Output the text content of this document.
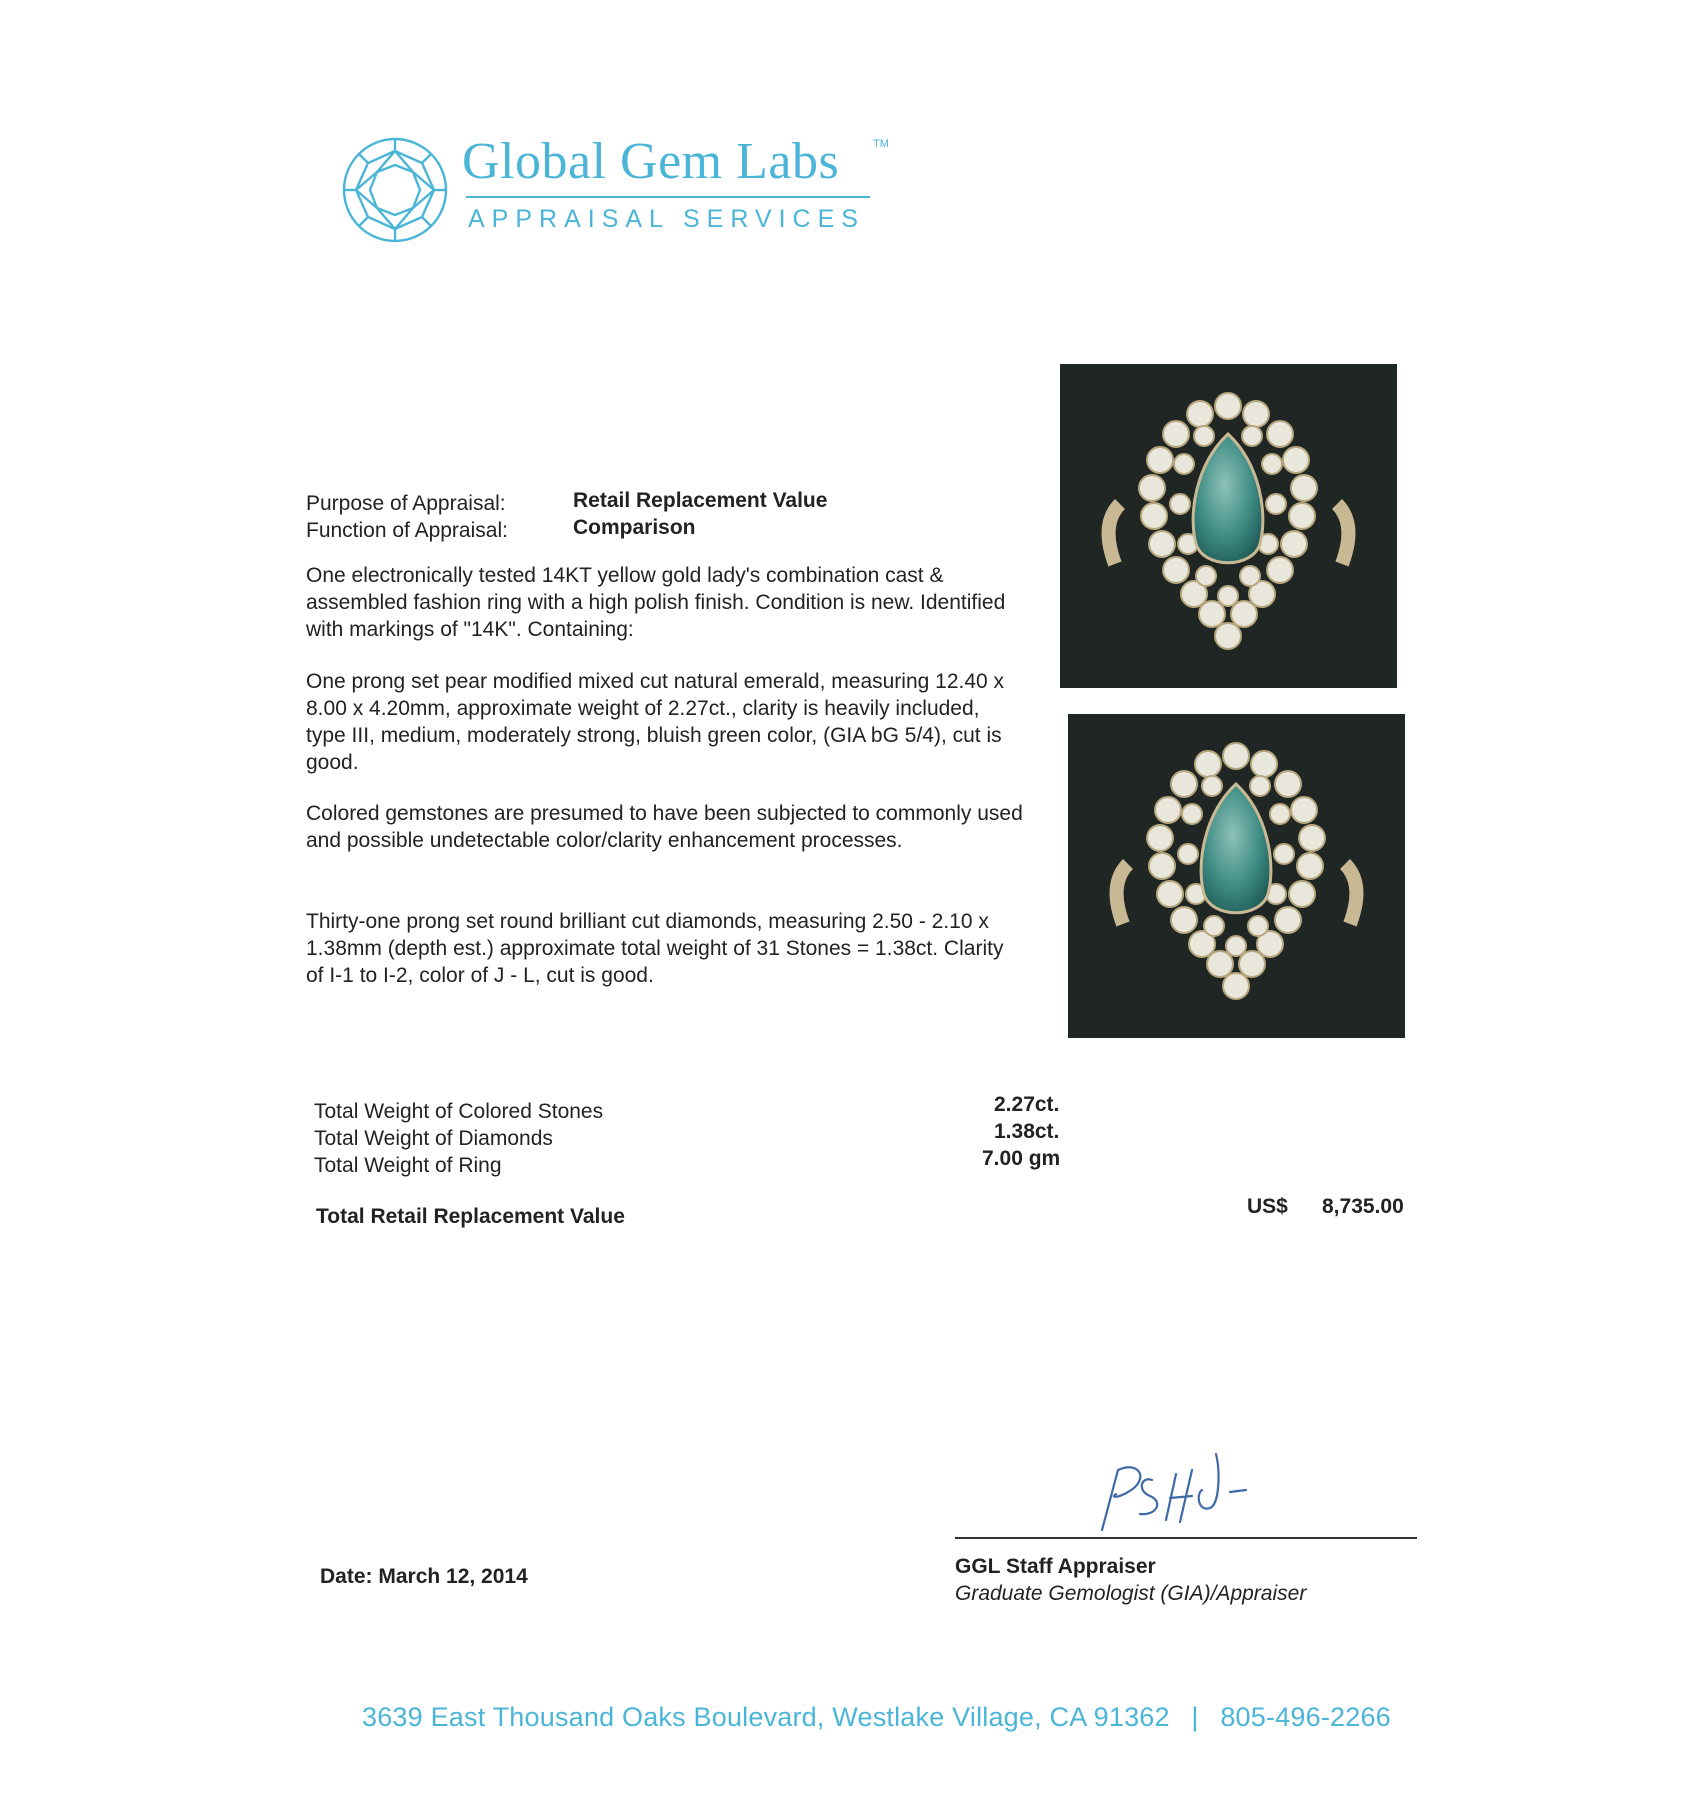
Global Gem Labs	TM
APPRAISAL SERVICES
Purpose of Appraisal:	Retail Replacement Value
Function of Appraisal:	Comparison
One electronically tested 14KT yellow gold lady's combination cast & assembled fashion ring with a high polish finish. Condition is new. Identified with markings of "14K". Containing:
One prong set pear modified mixed cut natural emerald, measuring 12.40 x 8.00 x 4.20mm, approximate weight of 2.27ct., clarity is heavily included, type III, medium, moderately strong, bluish green color, (GIA bG 5/4), cut is good.
Colored gemstones are presumed to have been subjected to commonly used and possible undetectable color/clarity enhancement processes.
Thirty-one prong set round brilliant cut diamonds, measuring 2.50 - 2.10 x 1.38mm (depth est.) approximate total weight of 31 Stones = 1.38ct. Clarity of I-1 to I-2, color of J - L, cut is good.
Total Weight of Colored Stones	2.27ct.
Total Weight of Diamonds	1.38ct.
Total Weight of Ring	7.00 gm
Total Retail Replacement Value	US$ 8,735.00
GGL Staff Appraiser
Graduate Gemologist (GIA)/Appraiser
Date: March 12, 2014
3639 East Thousand Oaks Boulevard, Westlake Village, CA 91362 | 805-496-2266
